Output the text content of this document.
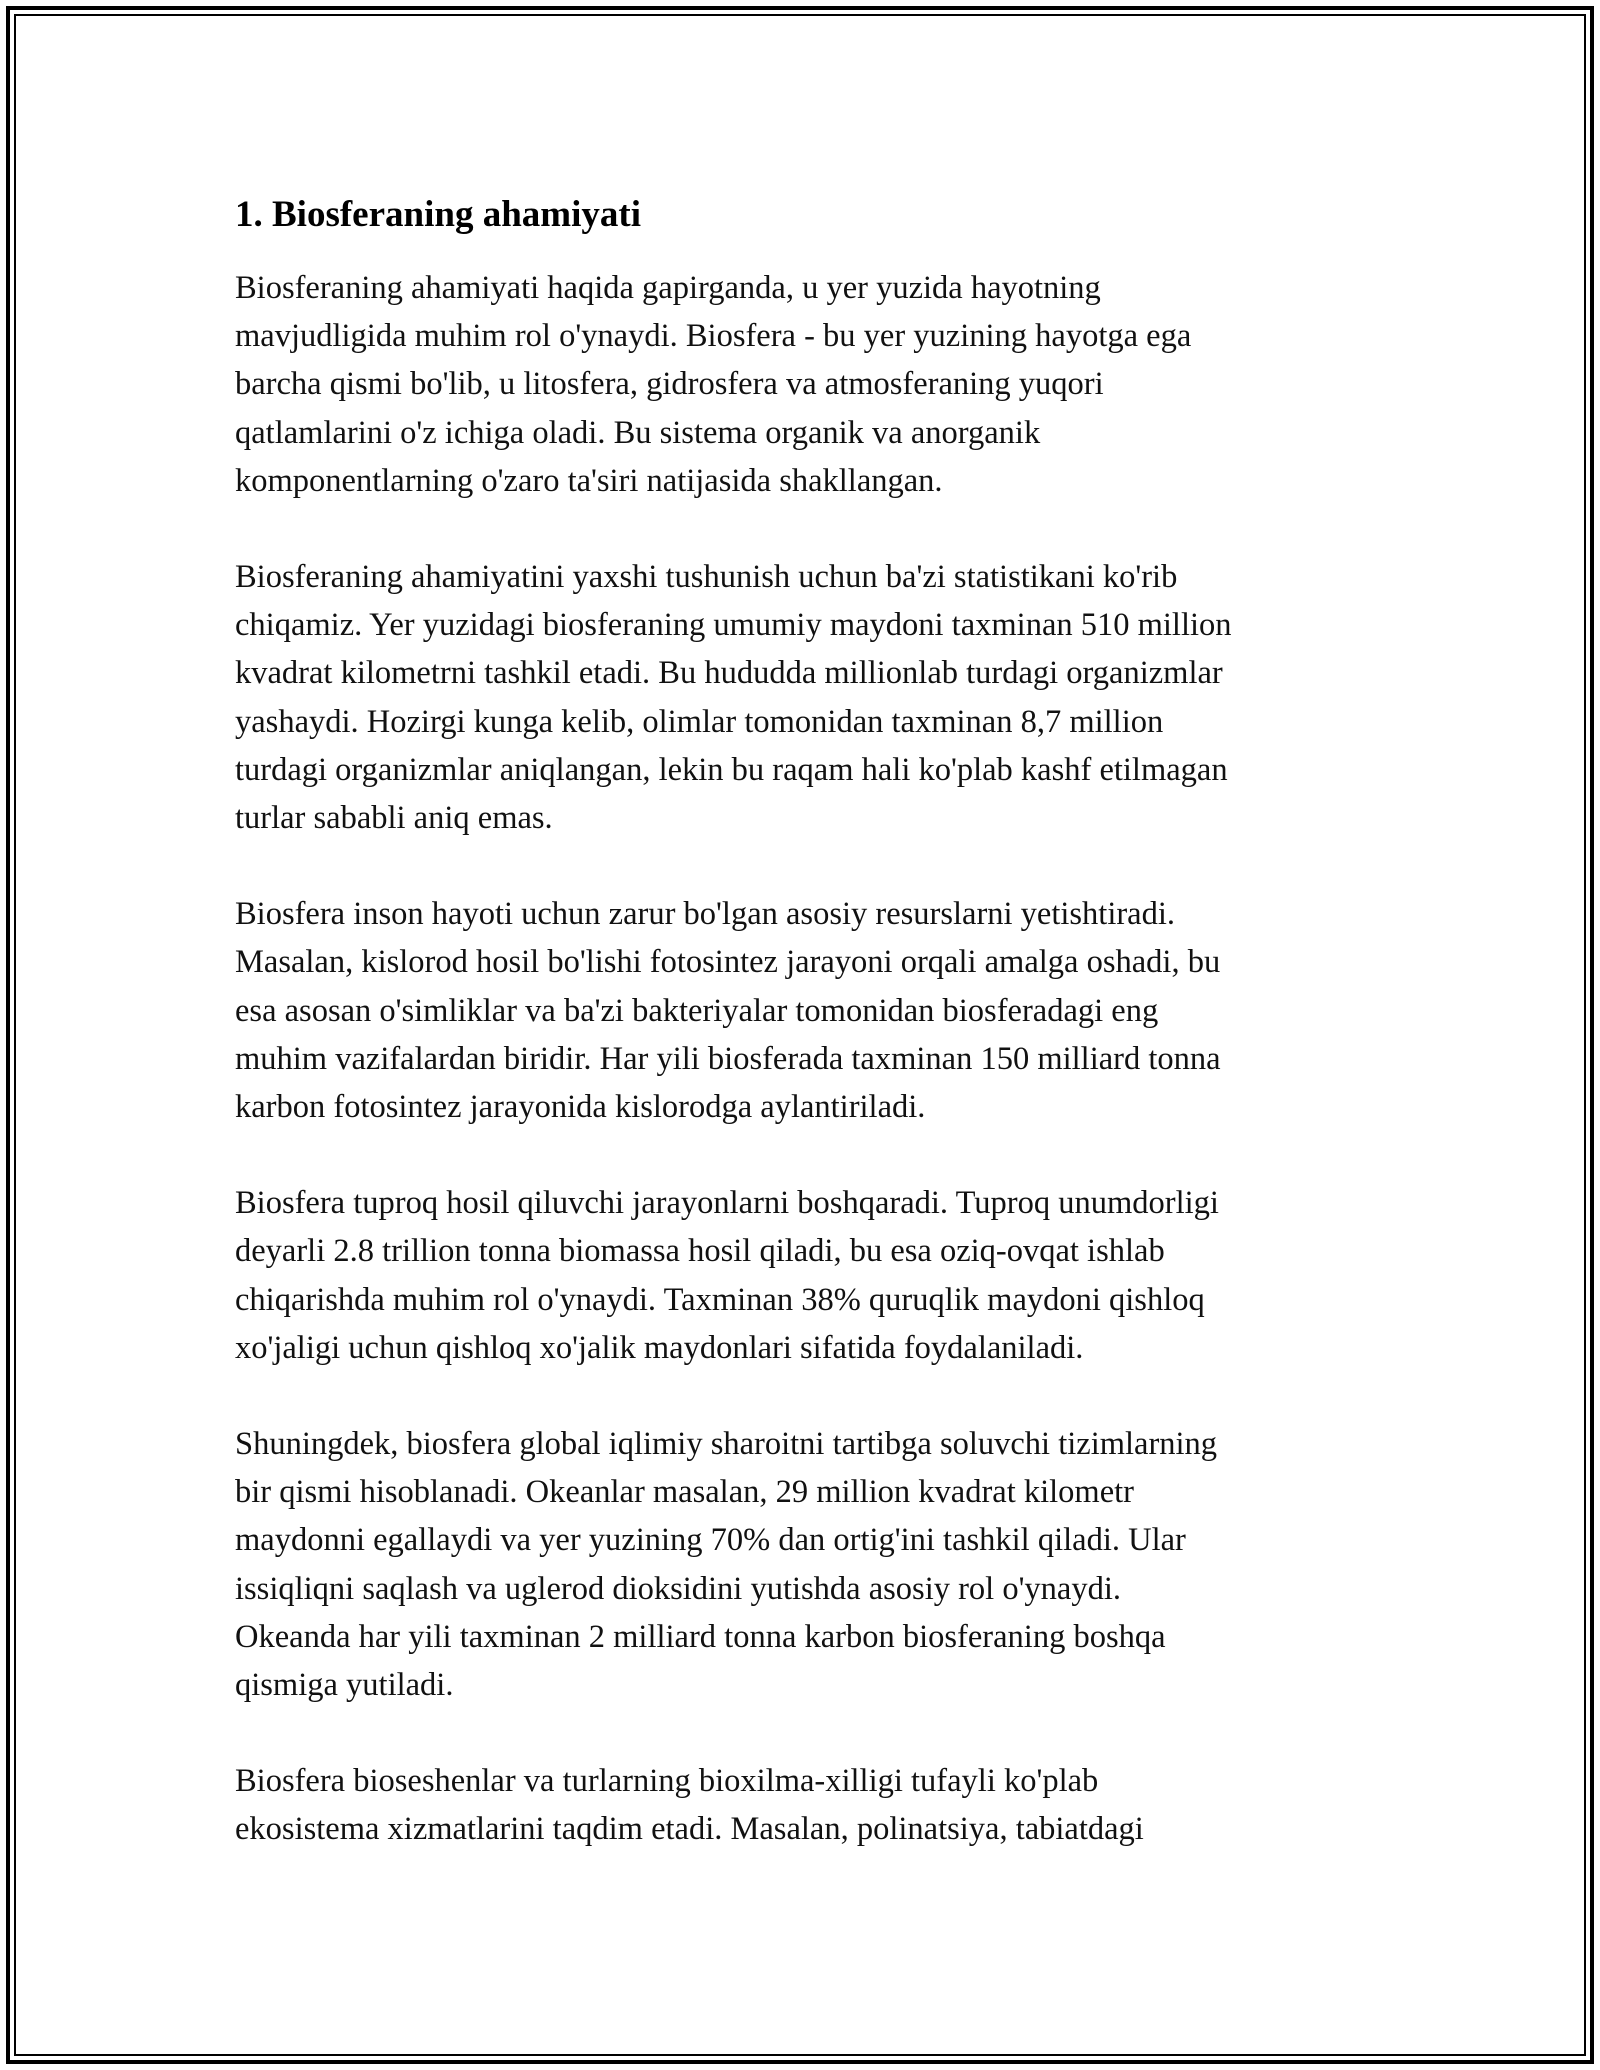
1. Biosferaning ahamiyati

Biosferaning ahamiyati haqida gapirganda, u yer yuzida hayotning
mavjudligida muhim rol o'ynaydi. Biosfera - bu yer yuzining hayotga ega
barcha qismi bo'lib, u litosfera, gidrosfera va atmosferaning yuqori
qatlamlarini o'z ichiga oladi. Bu sistema organik va anorganik
komponentlarning o'zaro ta'siri natijasida shakllangan.

Biosferaning ahamiyatini yaxshi tushunish uchun ba'zi statistikani ko'rib
chiqamiz. Yer yuzidagi biosferaning umumiy maydoni taxminan 510 million
kvadrat kilometrni tashkil etadi. Bu hududda millionlab turdagi organizmlar
yashaydi. Hozirgi kunga kelib, olimlar tomonidan taxminan 8,7 million
turdagi organizmlar aniqlangan, lekin bu raqam hali ko'plab kashf etilmagan
turlar sababli aniq emas.

Biosfera inson hayoti uchun zarur bo'lgan asosiy resurslarni yetishtiradi.
Masalan, kislorod hosil bo'lishi fotosintez jarayoni orqali amalga oshadi, bu
esa asosan o'simliklar va ba'zi bakteriyalar tomonidan biosferadagi eng
muhim vazifalardan biridir. Har yili biosferada taxminan 150 milliard tonna
karbon fotosintez jarayonida kislorodga aylantiriladi.

Biosfera tuproq hosil qiluvchi jarayonlarni boshqaradi. Tuproq unumdorligi
deyarli 2.8 trillion tonna biomassa hosil qiladi, bu esa oziq-ovqat ishlab
chiqarishda muhim rol o'ynaydi. Taxminan 38% quruqlik maydoni qishloq
xo'jaligi uchun qishloq xo'jalik maydonlari sifatida foydalaniladi.

Shuningdek, biosfera global iqlimiy sharoitni tartibga soluvchi tizimlarning
bir qismi hisoblanadi. Okeanlar masalan, 29 million kvadrat kilometr
maydonni egallaydi va yer yuzining 70% dan ortig'ini tashkil qiladi. Ular
issiqliqni saqlash va uglerod dioksidini yutishda asosiy rol o'ynaydi.
Okeanda har yili taxminan 2 milliard tonna karbon biosferaning boshqa
qismiga yutiladi.

Biosfera bioseshenlar va turlarning bioxilma-xilligi tufayli ko'plab
ekosistema xizmatlarini taqdim etadi. Masalan, polinatsiya, tabiatdagi
